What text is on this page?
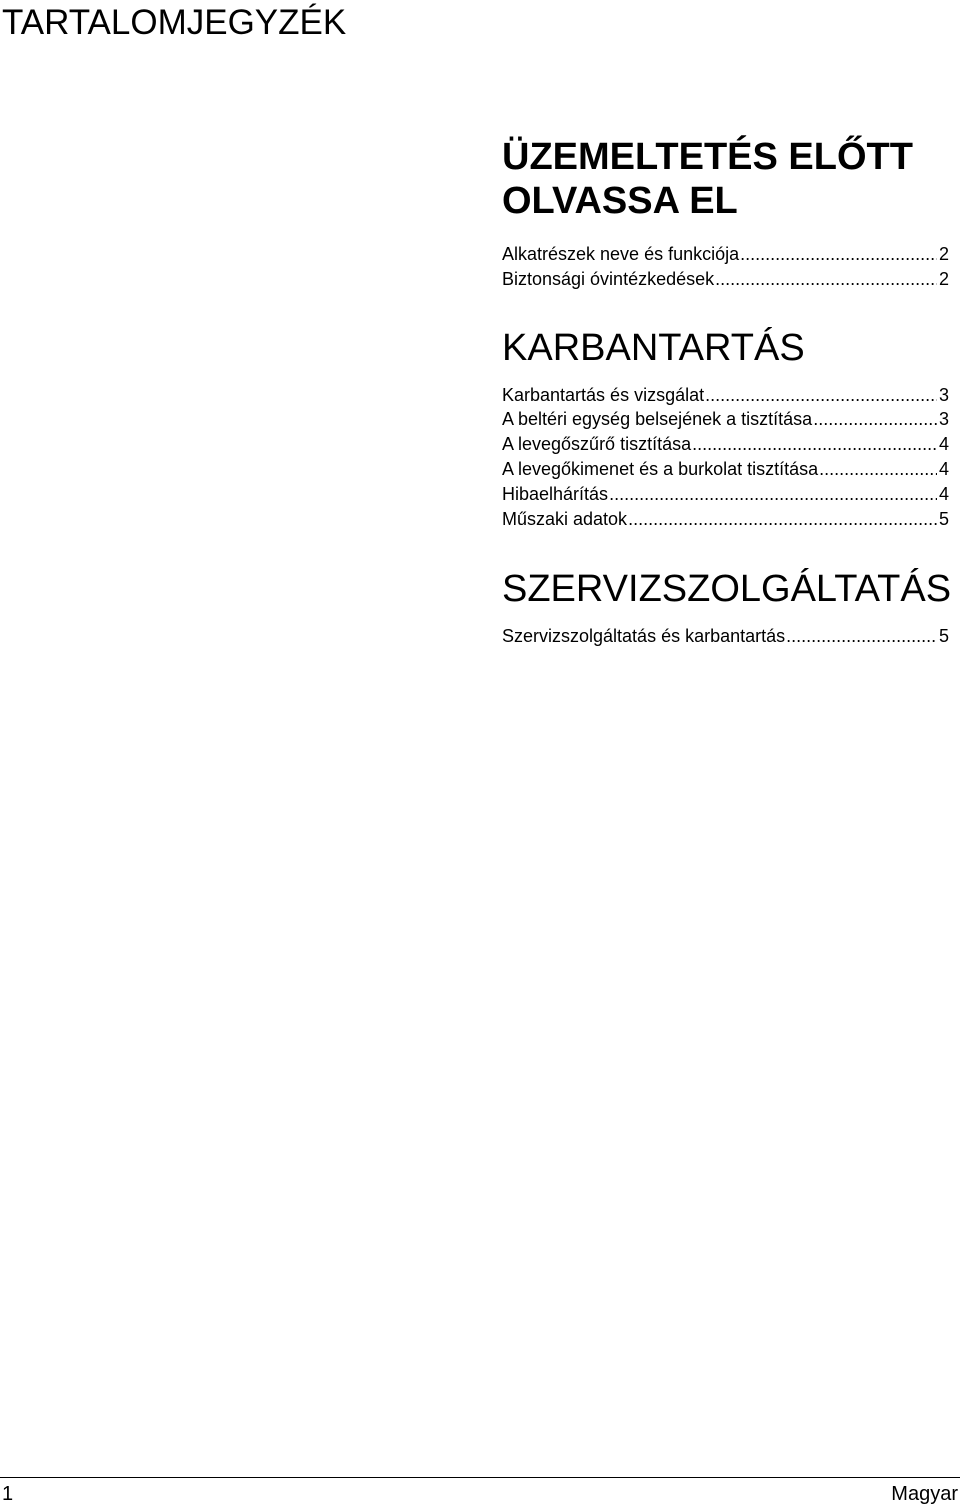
TARTALOMJEGYZÉK
ÜZEMELTETÉS ELŐTT
OLVASSA EL
Alkatrészek neve és funkciója .....	2
Biztonsági óvintézkedések .....	2
KARBANTARTÁS
Karbantartás és vizsgálat .....	3
A beltéri egység belsejének a tisztítása .....	3
A levegőszűrő tisztítása .....	4
A levegőkimenet és a burkolat tisztítása .....	4
Hibaelhárítás .....	4
Műszaki adatok .....	5
SZERVIZSZOLGÁLTATÁS
Szervizszolgáltatás és karbantartás .....	5
1	Magyar
